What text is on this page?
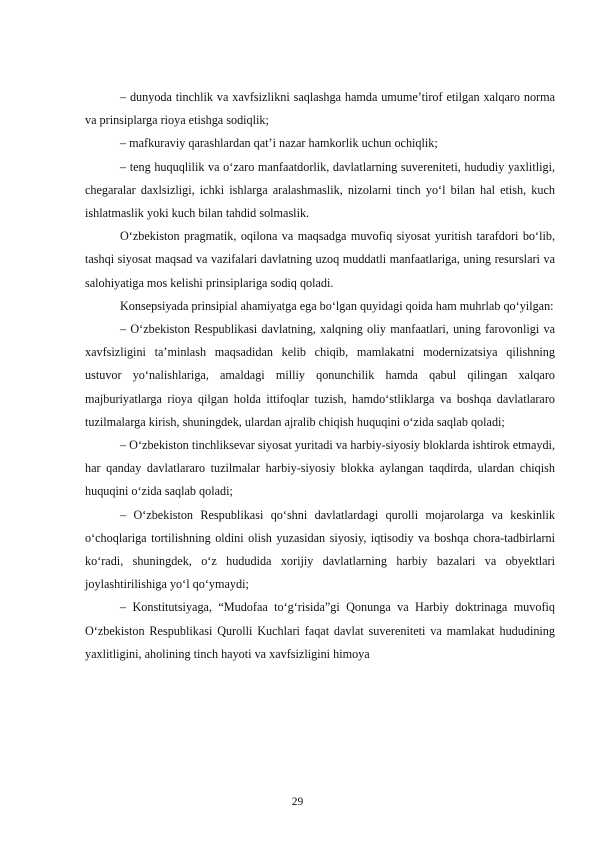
– dunyoda tinchlik va xavfsizlikni saqlashga hamda umume’tirof etilgan xalqaro norma va prinsiplarga rioya etishga sodiqlik;

– mafkuraviy qarashlardan qat’i nazar hamkorlik uchun ochiqlik;

– teng huquqlilik va o‘zaro manfaatdorlik, davlatlarning suvereniteti, hududiy yaxlitligi, chegaralar daxlsizligi, ichki ishlarga aralashmaslik, nizolarni tinch yo‘l bilan hal etish, kuch ishlatmaslik yoki kuch bilan tahdid solmaslik.

O‘zbekiston pragmatik, oqilona va maqsadga muvofiq siyosat yuritish tarafdori bo‘lib, tashqi siyosat maqsad va vazifalari davlatning uzoq muddatli manfaatlariga, uning resurslari va salohiyatiga mos kelishi prinsiplariga sodiq qoladi.

Konsepsiyada prinsipial ahamiyatga ega bo‘lgan quyidagi qoida ham muhrlab qo‘yilgan:

– O‘zbekiston Respublikasi davlatning, xalqning oliy manfaatlari, uning farovonligi va xavfsizligini ta’minlash maqsadidan kelib chiqib, mamlakatni modernizatsiya qilishning ustuvor yo‘nalishlariga, amaldagi milliy qonunchilik hamda qabul qilingan xalqaro majburiyatlarga rioya qilgan holda ittifoqlar tuzish, hamdo‘stliklarga va boshqa davlatlararo tuzilmalarga kirish, shuningdek, ulardan ajralib chiqish huquqini o‘zida saqlab qoladi;

– O‘zbekiston tinchliksevar siyosat yuritadi va harbiy-siyosiy bloklarda ishtirok etmaydi, har qanday davlatlararo tuzilmalar harbiy-siyosiy blokka aylangan taqdirda, ulardan chiqish huquqini o‘zida saqlab qoladi;

– O‘zbekiston Respublikasi qo‘shni davlatlardagi qurolli mojarolarga va keskinlik o‘choqlariga tortilishning oldini olish yuzasidan siyosiy, iqtisodiy va boshqa chora-tadbirlarni ko‘radi, shuningdek, o‘z hududida xorijiy davlatlarning harbiy bazalari va obyektlari joylashtirilishiga yo‘l qo‘ymaydi;

– Konstitutsiyaga, “Mudofaa to‘g‘risida”gi Qonunga va Harbiy doktrinaga muvofiq O‘zbekiston Respublikasi Qurolli Kuchlari faqat davlat suvereniteti va mamlakat hududining yaxlitligini, aholining tinch hayoti va xavfsizligini himoya

29
